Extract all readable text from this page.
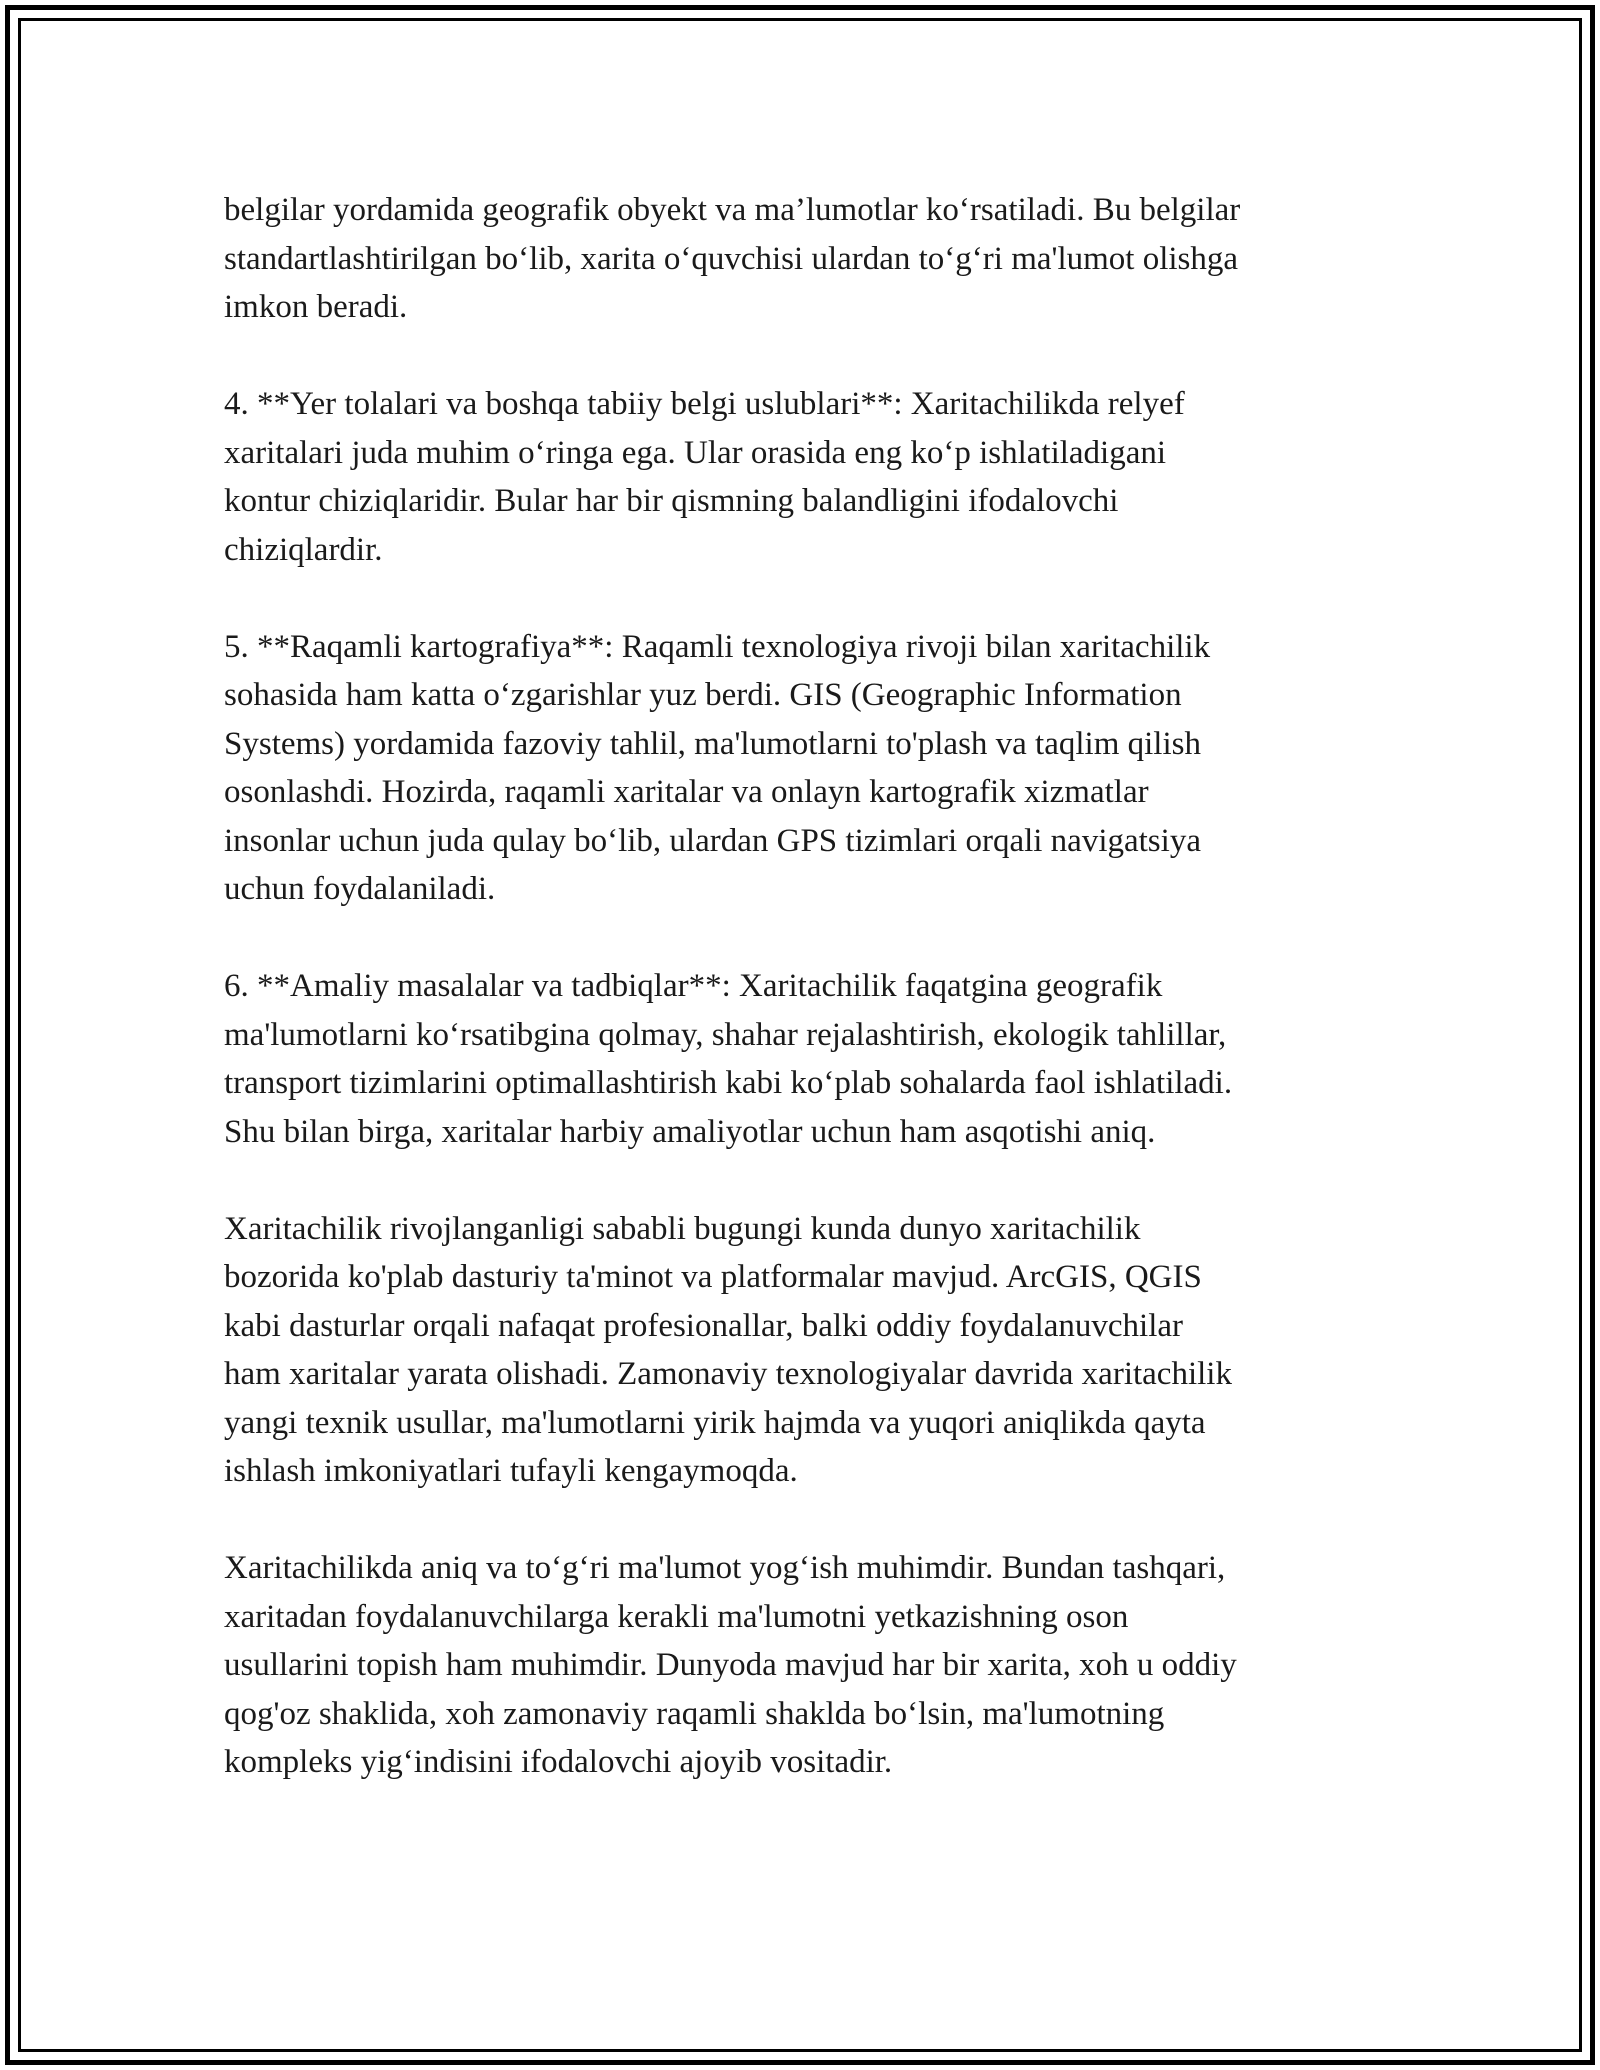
belgilar yordamida geografik obyekt va ma’lumotlar ko‘rsatiladi. Bu belgilar
standartlashtirilgan bo‘lib, xarita o‘quvchisi ulardan to‘g‘ri ma'lumot olishga
imkon beradi.

4. **Yer tolalari va boshqa tabiiy belgi uslublari**: Xaritachilikda relyef
xaritalari juda muhim o‘ringa ega. Ular orasida eng ko‘p ishlatiladigani
kontur chiziqlaridir. Bular har bir qismning balandligini ifodalovchi
chiziqlardir.

5. **Raqamli kartografiya**: Raqamli texnologiya rivoji bilan xaritachilik
sohasida ham katta o‘zgarishlar yuz berdi. GIS (Geographic Information
Systems) yordamida fazoviy tahlil, ma'lumotlarni to'plash va taqlim qilish
osonlashdi. Hozirda, raqamli xaritalar va onlayn kartografik xizmatlar
insonlar uchun juda qulay bo‘lib, ulardan GPS tizimlari orqali navigatsiya
uchun foydalaniladi.

6. **Amaliy masalalar va tadbiqlar**: Xaritachilik faqatgina geografik
ma'lumotlarni ko‘rsatibgina qolmay, shahar rejalashtirish, ekologik tahlillar,
transport tizimlarini optimallashtirish kabi ko‘plab sohalarda faol ishlatiladi.
Shu bilan birga, xaritalar harbiy amaliyotlar uchun ham asqotishi aniq.

Xaritachilik rivojlanganligi sababli bugungi kunda dunyo xaritachilik
bozorida ko'plab dasturiy ta'minot va platformalar mavjud. ArcGIS, QGIS
kabi dasturlar orqali nafaqat profesionallar, balki oddiy foydalanuvchilar
ham xaritalar yarata olishadi. Zamonaviy texnologiyalar davrida xaritachilik
yangi texnik usullar, ma'lumotlarni yirik hajmda va yuqori aniqlikda qayta
ishlash imkoniyatlari tufayli kengaymoqda.

Xaritachilikda aniq va to‘g‘ri ma'lumot yog‘ish muhimdir. Bundan tashqari,
xaritadan foydalanuvchilarga kerakli ma'lumotni yetkazishning oson
usullarini topish ham muhimdir. Dunyoda mavjud har bir xarita, xoh u oddiy
qog'oz shaklida, xoh zamonaviy raqamli shaklda bo‘lsin, ma'lumotning
kompleks yig‘indisini ifodalovchi ajoyib vositadir.
